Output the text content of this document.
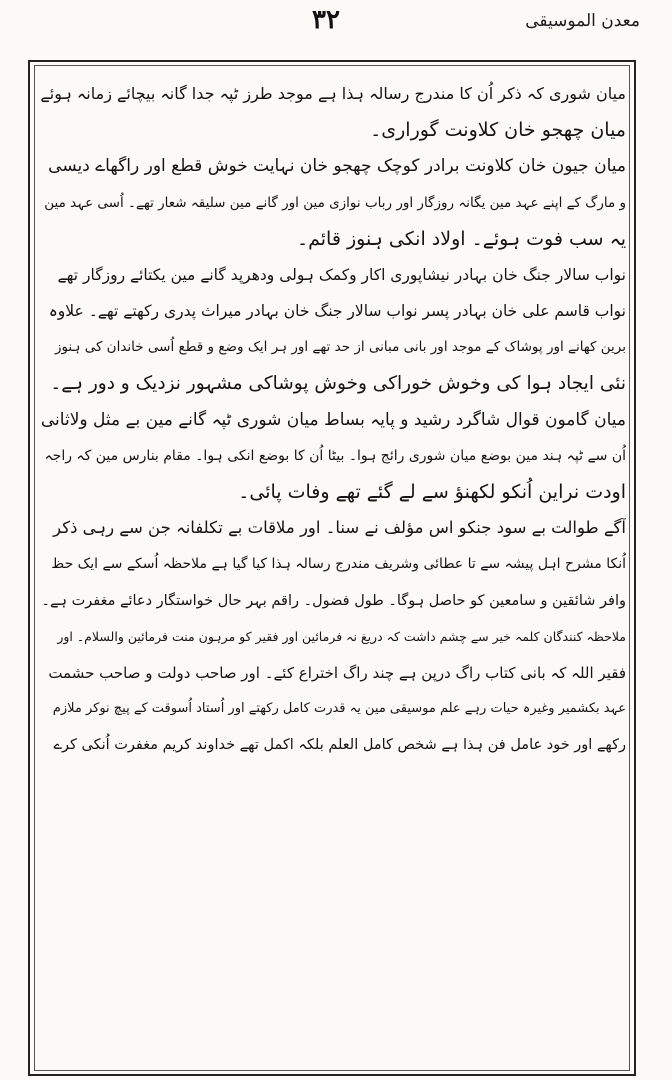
معدن الموسیقی
۳۲
میان شوری کہ ذکر اُن کا مندرج رسالہ ہذا ہے موجد طرز ٹپہ جدا گانہ بیچائے زمانہ ہوئے
میان چھجو خان کلاونت گوراری۔
میان جیون خان کلاونت برادر کوچک چھجو خان نہایت خوش قطع اور راگھاے دیسی
و مارگ کے اپنے عہد مین یگانہ روزگار اور رباب نوازی مین اور گانے مین سلیقہ شعار تھے۔ اُسی عہد مین
یہ سب فوت ہوئے۔ اولاد انکی ہنوز قائم۔
نواب سالار جنگ خان بہادر نیشاپوری اکار وکمک ہولی ودھرپد گانے مین یکتائے روزگار تھے
نواب قاسم علی خان بہادر پسر نواب سالار جنگ خان بہادر میراث پدری رکھتے تھے۔ علاوہ
برین کھانے اور پوشاک کے موجد اور بانی مبانی از حد تھے اور ہر ایک وضع و قطع اُسی خاندان کی ہنوز
نئی ایجاد ہوا کی وخوش خوراکی وخوش پوشاکی مشہور نزدیک و دور ہے۔
میان گامون قوال شاگرد رشید و پایہ بساط میان شوری ٹپہ گانے مین بے مثل ولاثانی
اُن سے ٹپہ ہند مین بوضع میان شوری رائج ہوا۔ بیٹا اُن کا بوضع انکی ہوا۔ مقام بنارس مین کہ راجہ
اودت نراین اُنکو لکھنؤ سے لے گئے تھے وفات پائی۔
آگے طوالت بے سود جنکو اس مؤلف نے سنا۔ اور ملاقات بے تکلفانہ جن سے رہی ذکر
اُنکا مشرح اہل پیشہ سے تا عطائی وشریف مندرج رسالہ ہذا کیا گیا ہے ملاحظہ اُسکے سے ایک حظ
وافر شائقین و سامعین کو حاصل ہوگا۔ طول فضول۔ راقم بہر حال خواستگار دعائے مغفرت ہے۔
ملاحظہ کنندگان کلمہ خیر سے چشم داشت کہ دریغ نہ فرمائین اور فقیر کو مرہون منت فرمائین والسلام۔ اور
فقیر اللہ کہ بانی کتاب راگ درپن ہے چند راگ اختراع کئے۔ اور صاحب دولت و صاحب حشمت
عہد بکشمیر وغیرہ حیات رہے علم موسیقی مین یہ قدرت کامل رکھتے اور اُستاد اُسوقت کے پیچ نوکر ملازم
رکھے اور خود عامل فن ہذا ہے شخص کامل العلم بلکہ اکمل تھے خداوند کریم مغفرت اُنکی کرے
